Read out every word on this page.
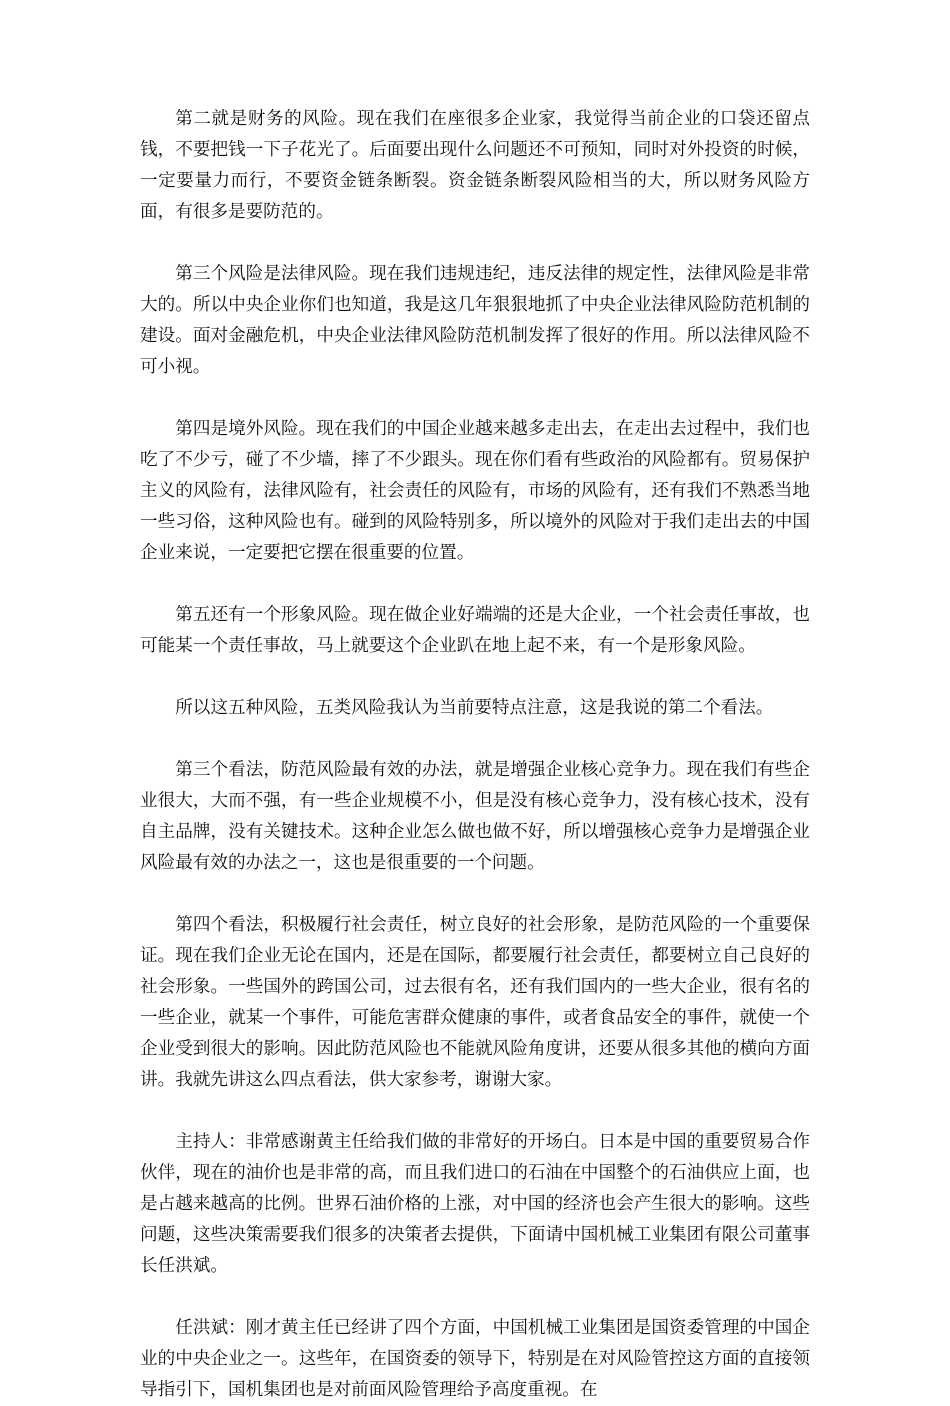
第二就是财务的风险。现在我们在座很多企业家，我觉得当前企业的口袋还留点钱，不要把钱一下子花光了。后面要出现什么问题还不可预知，同时对外投资的时候，一定要量力而行，不要资金链条断裂。资金链条断裂风险相当的大，所以财务风险方面，有很多是要防范的。

第三个风险是法律风险。现在我们违规违纪，违反法律的规定性，法律风险是非常大的。所以中央企业你们也知道，我是这几年狠狠地抓了中央企业法律风险防范机制的建设。面对金融危机，中央企业法律风险防范机制发挥了很好的作用。所以法律风险不可小视。

第四是境外风险。现在我们的中国企业越来越多走出去，在走出去过程中，我们也吃了不少亏，碰了不少墙，摔了不少跟头。现在你们看有些政治的风险都有。贸易保护主义的风险有，法律风险有，社会责任的风险有，市场的风险有，还有我们不熟悉当地一些习俗，这种风险也有。碰到的风险特别多，所以境外的风险对于我们走出去的中国企业来说，一定要把它摆在很重要的位置。

第五还有一个形象风险。现在做企业好端端的还是大企业，一个社会责任事故，也可能某一个责任事故，马上就要这个企业趴在地上起不来，有一个是形象风险。

所以这五种风险，五类风险我认为当前要特点注意，这是我说的第二个看法。

第三个看法，防范风险最有效的办法，就是增强企业核心竞争力。现在我们有些企业很大，大而不强，有一些企业规模不小，但是没有核心竞争力，没有核心技术，没有自主品牌，没有关键技术。这种企业怎么做也做不好，所以增强核心竞争力是增强企业风险最有效的办法之一，这也是很重要的一个问题。

第四个看法，积极履行社会责任，树立良好的社会形象，是防范风险的一个重要保证。现在我们企业无论在国内，还是在国际，都要履行社会责任，都要树立自己良好的社会形象。一些国外的跨国公司，过去很有名，还有我们国内的一些大企业，很有名的一些企业，就某一个事件，可能危害群众健康的事件，或者食品安全的事件，就使一个企业受到很大的影响。因此防范风险也不能就风险角度讲，还要从很多其他的横向方面讲。我就先讲这么四点看法，供大家参考，谢谢大家。

主持人：非常感谢黄主任给我们做的非常好的开场白。日本是中国的重要贸易合作伙伴，现在的油价也是非常的高，而且我们进口的石油在中国整个的石油供应上面，也是占越来越高的比例。世界石油价格的上涨，对中国的经济也会产生很大的影响。这些问题，这些决策需要我们很多的决策者去提供，下面请中国机械工业集团有限公司董事长任洪斌。

任洪斌：刚才黄主任已经讲了四个方面，中国机械工业集团是国资委管理的中国企业的中央企业之一。这些年，在国资委的领导下，特别是在对风险管控这方面的直接领导指引下，国机集团也是对前面风险管理给予高度重视。在
